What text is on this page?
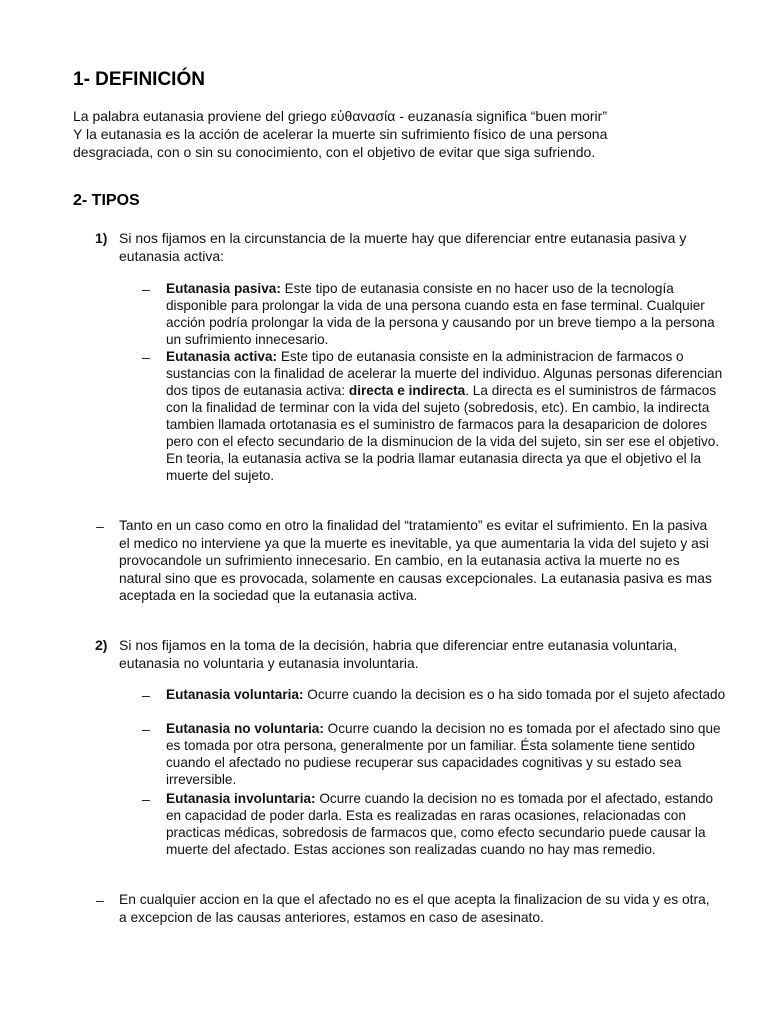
1- DEFINICIÓN
La palabra eutanasia proviene del griego εὐθανασία - euzanasía significa “buen morir”
Y la eutanasia es la acción de acelerar la muerte sin sufrimiento físico de una persona
desgraciada, con o sin su conocimiento, con el objetivo de evitar que siga sufriendo.
2- TIPOS
1) Si nos fijamos en la circunstancia de la muerte hay que diferenciar entre eutanasia pasiva y eutanasia activa:
– Eutanasia pasiva: Este tipo de eutanasia consiste en no hacer uso de la tecnología disponible para prolongar la vida de una persona cuando esta en fase terminal. Cualquier acción podría prolongar la vida de la persona y causando por un breve tiempo a la persona un sufrimiento innecesario.
– Eutanasia activa: Este tipo de eutanasia consiste en la administracion de farmacos o sustancias con la finalidad de acelerar la muerte del individuo. Algunas personas diferencian dos tipos de eutanasia activa: directa e indirecta. La directa es el suministros de fármacos con la finalidad de terminar con la vida del sujeto (sobredosis, etc). En cambio, la indirecta tambien llamada ortotanasia es el suministro de farmacos para la desaparicion de dolores pero con el efecto secundario de la disminucion de la vida del sujeto, sin ser ese el objetivo. En teoria, la eutanasia activa se la podria llamar eutanasia directa ya que el objetivo el la muerte del sujeto.
– Tanto en un caso como en otro la finalidad del “tratamiento” es evitar el sufrimiento. En la pasiva el medico no interviene ya que la muerte es inevitable, ya que aumentaria la vida del sujeto y asi provocandole un sufrimiento innecesario. En cambio, en la eutanasia activa la muerte no es natural sino que es provocada, solamente en causas excepcionales. La eutanasia pasiva es mas aceptada en la sociedad que la eutanasia activa.
2) Si nos fijamos en la toma de la decisión, habria que diferenciar entre eutanasia voluntaria, eutanasia no voluntaria y eutanasia involuntaria.
– Eutanasia voluntaria: Ocurre cuando la decision es o ha sido tomada por el sujeto afectado
– Eutanasia no voluntaria: Ocurre cuando la decision no es tomada por el afectado sino que es tomada por otra persona, generalmente por un familiar. Ésta solamente tiene sentido cuando el afectado no pudiese recuperar sus capacidades cognitivas y su estado sea irreversible.
– Eutanasia involuntaria: Ocurre cuando la decision no es tomada por el afectado, estando en capacidad de poder darla. Esta es realizadas en raras ocasiones, relacionadas con practicas médicas, sobredosis de farmacos que, como efecto secundario puede causar la muerte del afectado. Estas acciones son realizadas cuando no hay mas remedio.
– En cualquier accion en la que el afectado no es el que acepta la finalizacion de su vida y es otra, a excepcion de las causas anteriores, estamos en caso de asesinato.
